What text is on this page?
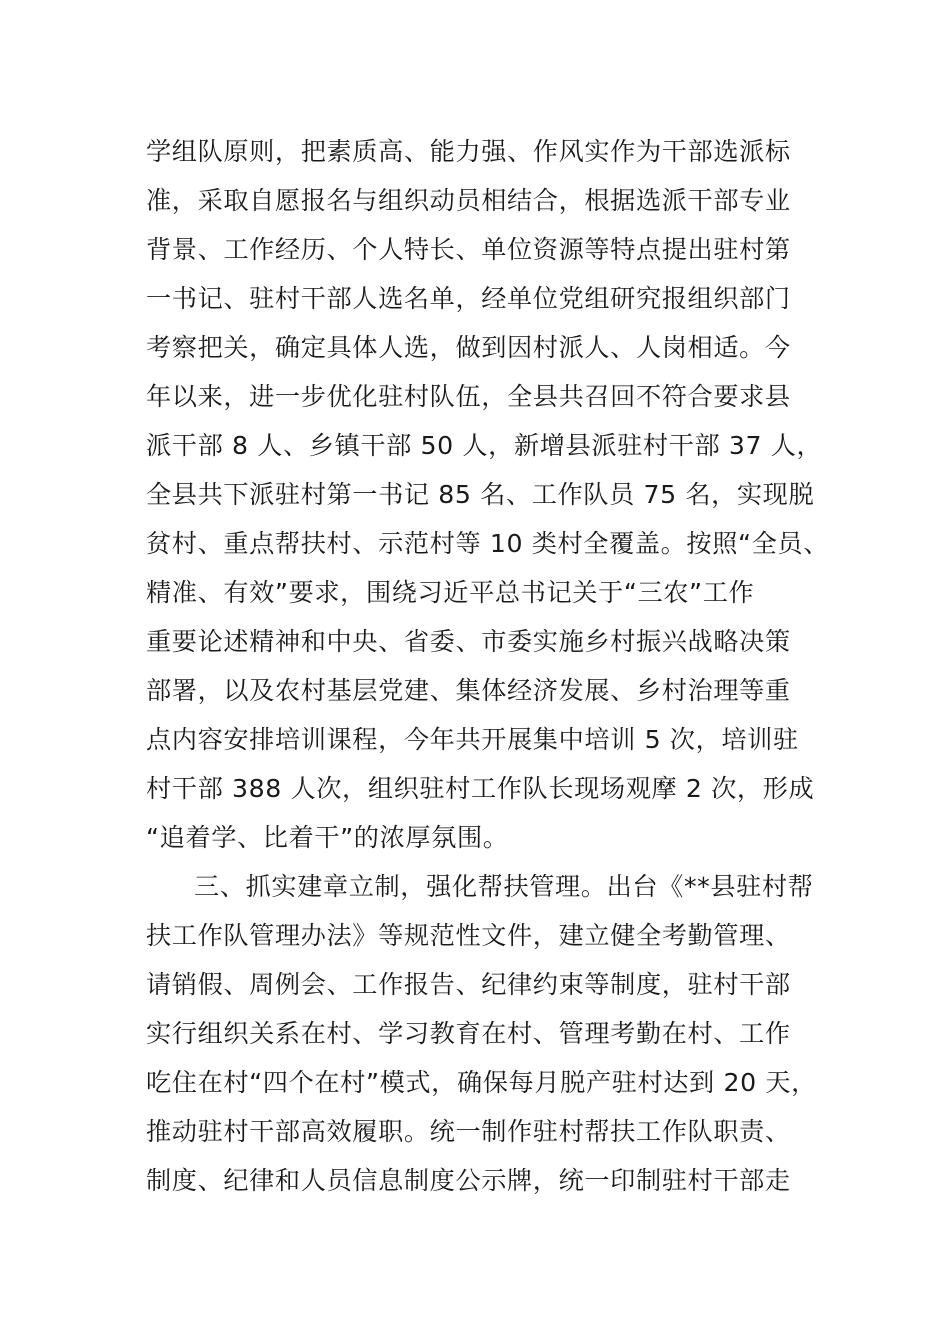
学组队原则，把素质高、能力强、作风实作为干部选派标
准，采取自愿报名与组织动员相结合，根据选派干部专业
背景、工作经历、个人特长、单位资源等特点提出驻村第
一书记、驻村干部人选名单，经单位党组研究报组织部门
考察把关，确定具体人选，做到因村派人、人岗相适。今
年以来，进一步优化驻村队伍，全县共召回不符合要求县
派干部 8 人、乡镇干部 50 人，新增县派驻村干部 37 人，
全县共下派驻村第一书记 85 名、工作队员 75 名，实现脱
贫村、重点帮扶村、示范村等 10 类村全覆盖。按照“全员、
精准、有效”要求，围绕习近平总书记关于“三农”工作
重要论述精神和中央、省委、市委实施乡村振兴战略决策
部署，以及农村基层党建、集体经济发展、乡村治理等重
点内容安排培训课程，今年共开展集中培训 5 次，培训驻
村干部 388 人次，组织驻村工作队长现场观摩 2 次，形成
“追着学、比着干”的浓厚氛围。
三、抓实建章立制，强化帮扶管理。出台《**县驻村帮
扶工作队管理办法》等规范性文件，建立健全考勤管理、
请销假、周例会、工作报告、纪律约束等制度，驻村干部
实行组织关系在村、学习教育在村、管理考勤在村、工作
吃住在村“四个在村”模式，确保每月脱产驻村达到 20 天，
推动驻村干部高效履职。统一制作驻村帮扶工作队职责、
制度、纪律和人员信息制度公示牌，统一印制驻村干部走
